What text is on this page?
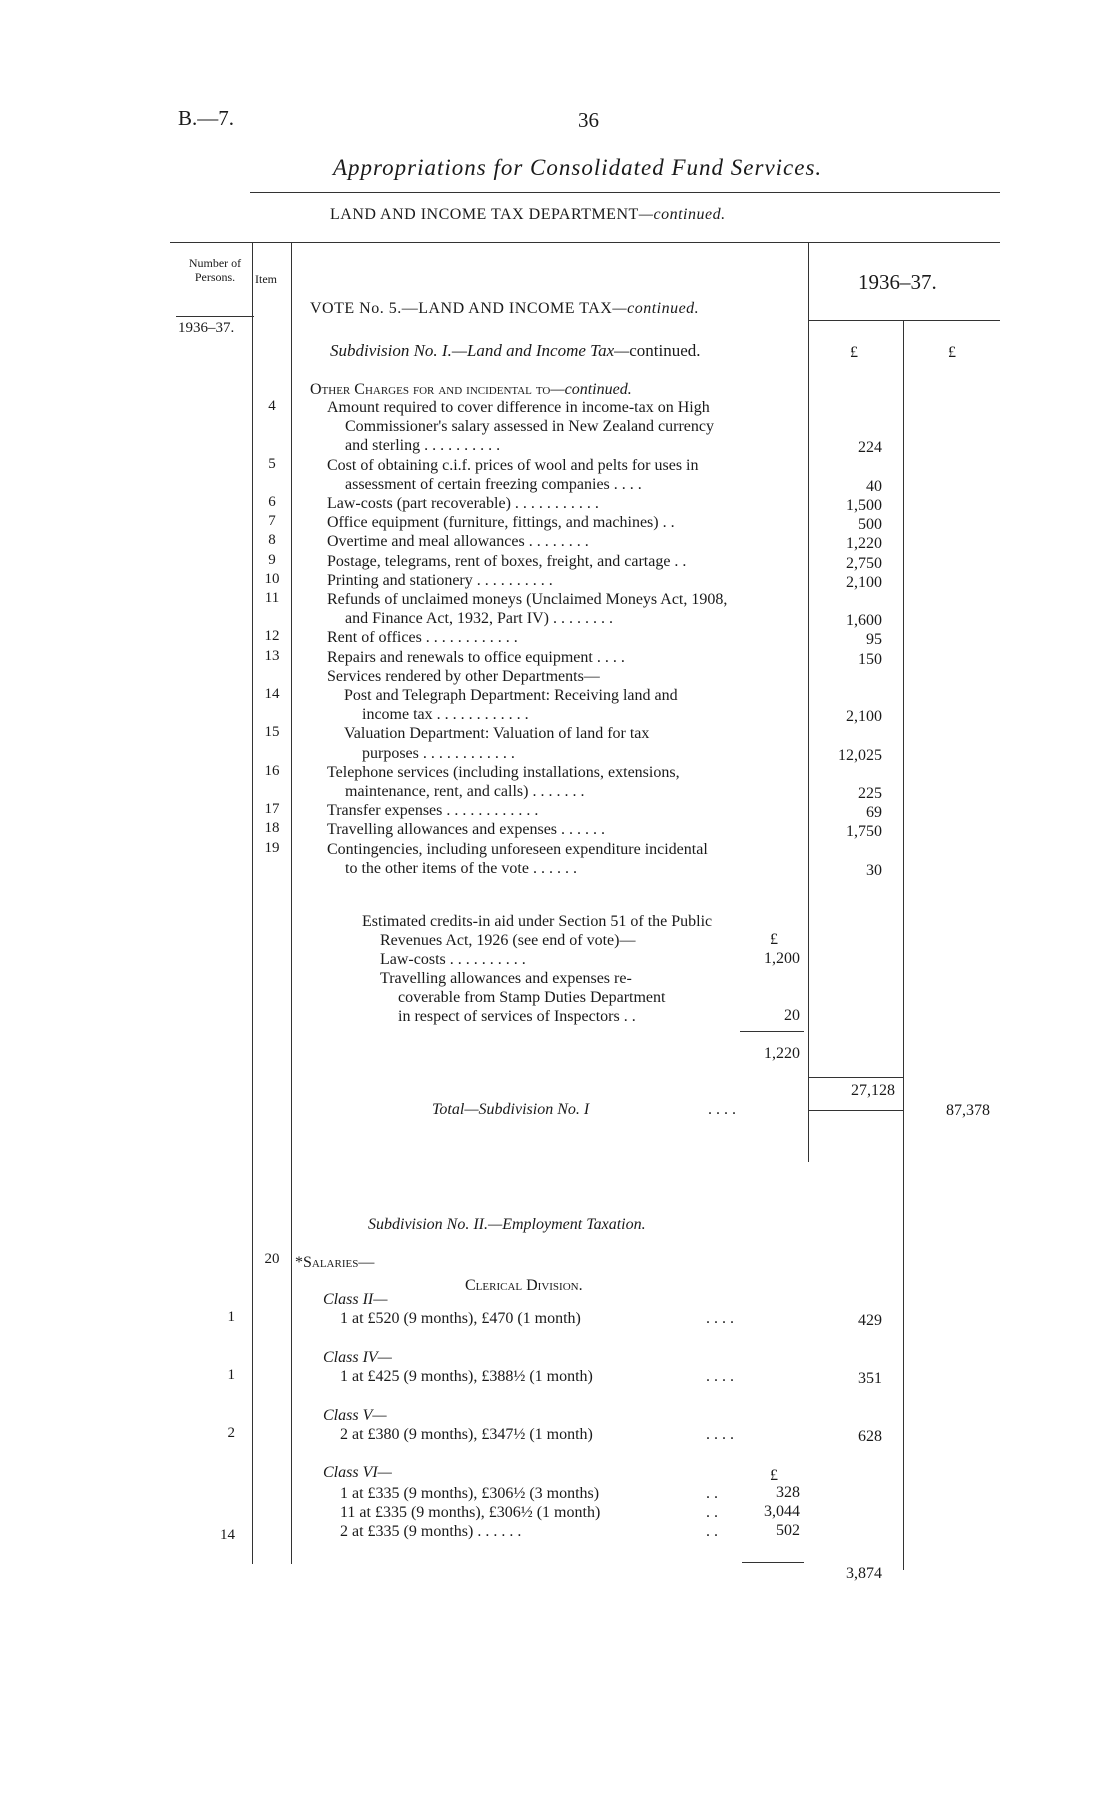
B.—7.	36
Appropriations for Consolidated Fund Services.
LAND AND INCOME TAX DEPARTMENT—continued.
Number of Persons.	Item
1936–37.
1936–37.
£	£
VOTE No. 5.—LAND AND INCOME TAX—continued.
Subdivision No. I.—Land and Income Tax—continued.
Other Charges for and incidental to—continued.
4	Amount required to cover difference in income-tax on High
Commissioner's salary assessed in New Zealand currency
and sterling . . . . . . . . . .	224
5	Cost of obtaining c.i.f. prices of wool and pelts for uses in
assessment of certain freezing companies . . . .	40
6	Law-costs (part recoverable) . . . . . . . . . . .	1,500
7	Office equipment (furniture, fittings, and machines) . .	500
8	Overtime and meal allowances . . . . . . . .	1,220
9	Postage, telegrams, rent of boxes, freight, and cartage . .	2,750
10	Printing and stationery . . . . . . . . . .	2,100
11	Refunds of unclaimed moneys (Unclaimed Moneys Act, 1908,
and Finance Act, 1932, Part IV) . . . . . . . .	1,600
12	Rent of offices . . . . . . . . . . . .	95
13	Repairs and renewals to office equipment . . . .	150
Services rendered by other Departments—
14	Post and Telegraph Department: Receiving land and
income tax . . . . . . . . . . . .	2,100
15	Valuation Department: Valuation of land for tax
purposes . . . . . . . . . . . .	12,025
16	Telephone services (including installations, extensions,
maintenance, rent, and calls) . . . . . . .	225
17	Transfer expenses . . . . . . . . . . . .	69
18	Travelling allowances and expenses . . . . . .	1,750
19	Contingencies, including unforeseen expenditure incidental
to the other items of the vote . . . . . .	30
Estimated credits-in aid under Section 51 of the Public
Revenues Act, 1926 (see end of vote)—	£
Law-costs . . . . . . . . . .	1,200
Travelling allowances and expenses re-
coverable from Stamp Duties Department
in respect of services of Inspectors . .	20
1,220
27,128
Total—Subdivision No. I	. . . .	87,378
Subdivision No. II.—Employment Taxation.
20 *Salaries—
Clerical Division.
Class II—
1	1 at £520 (9 months), £470 (1 month)	. . . .	429
Class IV—
1	1 at £425 (9 months), £388½ (1 month)	. . . .	351
Class V—
2	2 at £380 (9 months), £347½ (1 month)	. . . .	628
Class VI—	£
14
1 at £335 (9 months), £306½ (3 months)	. .	328
11 at £335 (9 months), £306½ (1 month)	. .	3,044
2 at £335 (9 months) . . . . . .	. .	502
3,874
